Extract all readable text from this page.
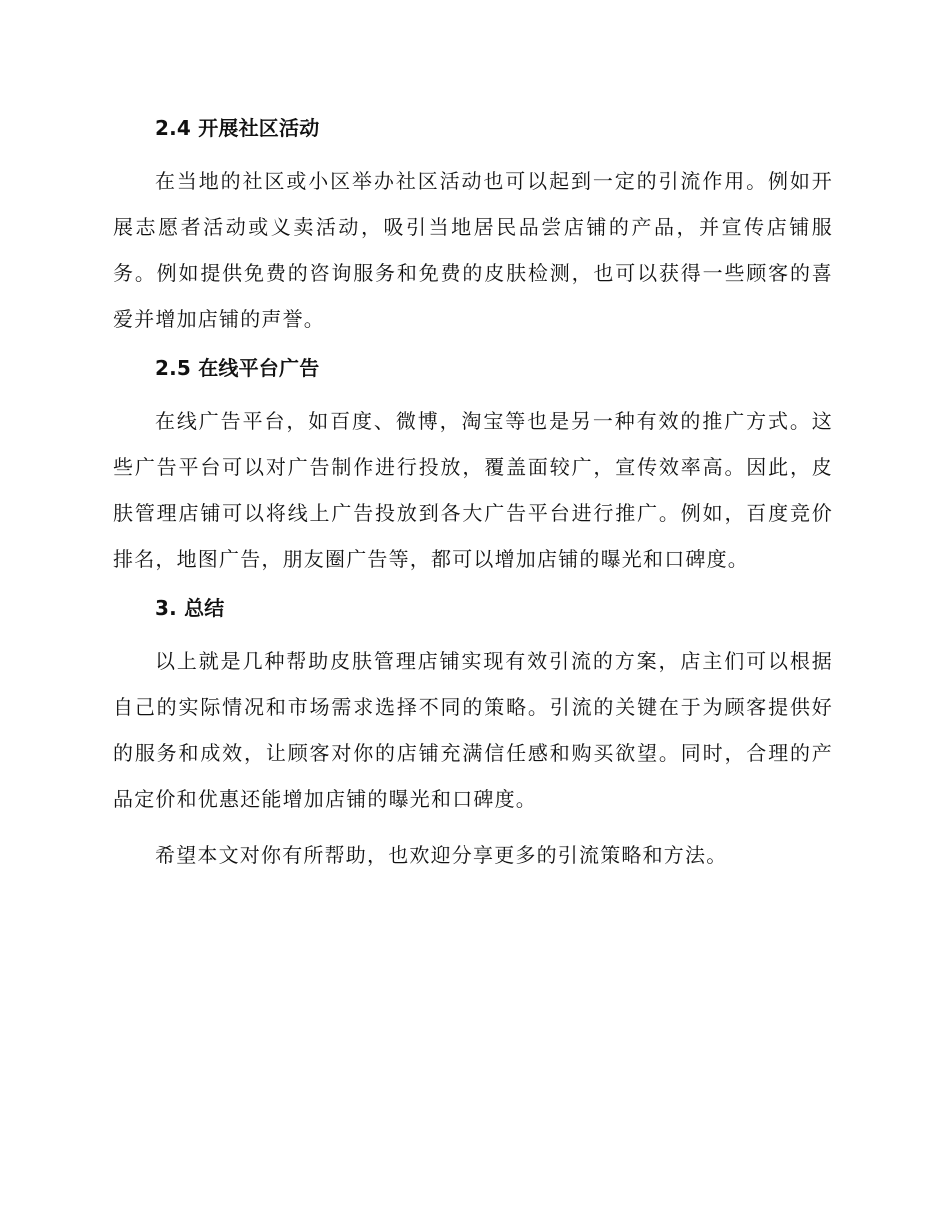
2.4 开展社区活动

在当地的社区或小区举办社区活动也可以起到一定的引流作用。例如开展志愿者活动或义卖活动，吸引当地居民品尝店铺的产品，并宣传店铺服务。例如提供免费的咨询服务和免费的皮肤检测，也可以获得一些顾客的喜爱并增加店铺的声誉。

2.5 在线平台广告

在线广告平台，如百度、微博，淘宝等也是另一种有效的推广方式。这些广告平台可以对广告制作进行投放，覆盖面较广，宣传效率高。因此，皮肤管理店铺可以将线上广告投放到各大广告平台进行推广。例如，百度竞价排名，地图广告，朋友圈广告等，都可以增加店铺的曝光和口碑度。

3. 总结

以上就是几种帮助皮肤管理店铺实现有效引流的方案，店主们可以根据自己的实际情况和市场需求选择不同的策略。引流的关键在于为顾客提供好的服务和成效，让顾客对你的店铺充满信任感和购买欲望。同时，合理的产品定价和优惠还能增加店铺的曝光和口碑度。

希望本文对你有所帮助，也欢迎分享更多的引流策略和方法。
